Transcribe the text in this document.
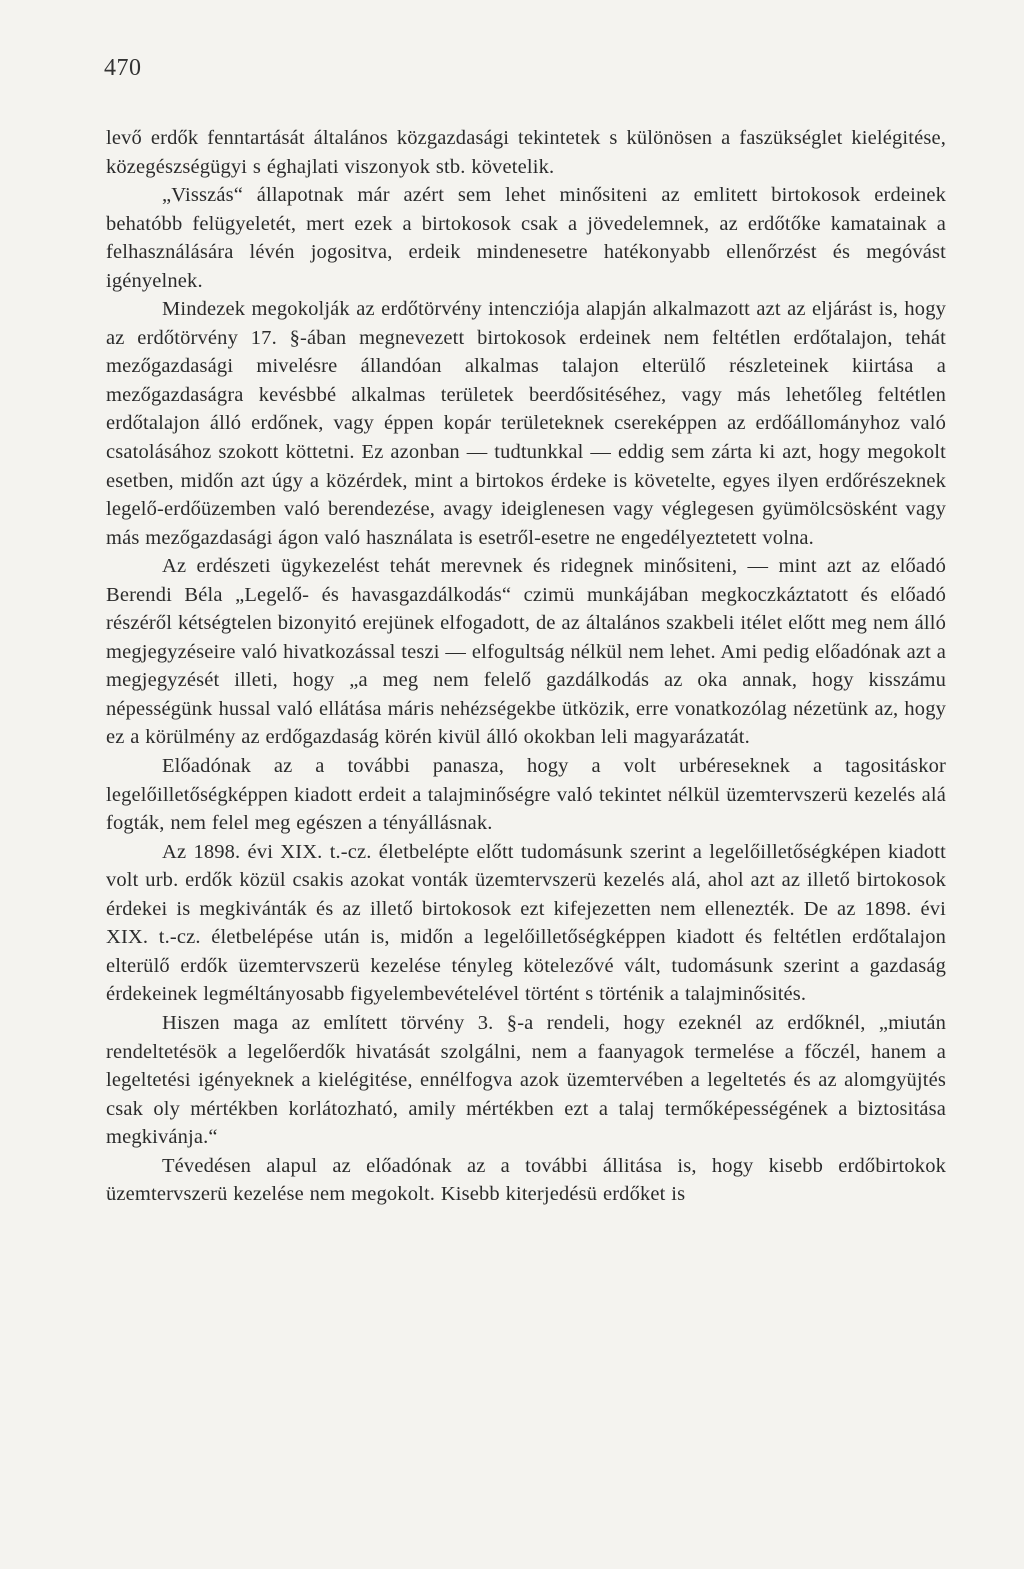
470

levő erdők fenntartását általános közgazdasági tekintetek s különösen a faszükséglet kielégitése, közegészségügyi s éghajlati viszonyok stb. követelik.

„Visszás“ állapotnak már azért sem lehet minősiteni az emlitett birtokosok erdeinek behatóbb felügyeletét, mert ezek a birtokosok csak a jövedelemnek, az erdőtőke kamatainak a felhasználására lévén jogositva, erdeik mindenesetre hatékonyabb ellenőrzést és megóvást igényelnek.

Mindezek megokolják az erdőtörvény intencziója alapján alkalmazott azt az eljárást is, hogy az erdőtörvény 17. §-ában megnevezett birtokosok erdeinek nem feltétlen erdőtalajon, tehát mezőgazdasági mivelésre állandóan alkalmas talajon elterülő részleteinek kiirtása a mezőgazdaságra kevésbbé alkalmas területek beerdősitéséhez, vagy más lehetőleg feltétlen erdőtalajon álló erdőnek, vagy éppen kopár területeknek csereképpen az erdőállományhoz való csatolásához szokott köttetni. Ez azonban — tudtunkkal — eddig sem zárta ki azt, hogy megokolt esetben, midőn azt úgy a közérdek, mint a birtokos érdeke is követelte, egyes ilyen erdőrészeknek legelő-erdőüzemben való berendezése, avagy ideiglenesen vagy véglegesen gyümölcsösként vagy más mezőgazdasági ágon való használata is esetről-esetre ne engedélyeztetett volna.

Az erdészeti ügykezelést tehát merevnek és ridegnek minősiteni, — mint azt az előadó Berendi Béla „Legelő- és havasgazdálkodás“ czimü munkájában megkoczkáztatott és előadó részéről kétségtelen bizonyitó erejünek elfogadott, de az általános szakbeli itélet előtt meg nem álló megjegyzéseire való hivatkozással teszi — elfogultság nélkül nem lehet. Ami pedig előadónak azt a megjegyzését illeti, hogy „a meg nem felelő gazdálkodás az oka annak, hogy kisszámu népességünk hussal való ellátása máris nehézségekbe ütközik, erre vonatkozólag nézetünk az, hogy ez a körülmény az erdőgazdaság körén kivül álló okokban leli magyarázatát.

Előadónak az a további panasza, hogy a volt urbéreseknek a tagositáskor legelőilletőségképpen kiadott erdeit a talajminőségre való tekintet nélkül üzemtervszerü kezelés alá fogták, nem felel meg egészen a tényállásnak.

Az 1898. évi XIX. t.-cz. életbelépte előtt tudomásunk szerint a legelőilletőségképen kiadott volt urb. erdők közül csakis azokat vonták üzemtervszerü kezelés alá, ahol azt az illető birtokosok érdekei is megkivánták és az illető birtokosok ezt kifejezetten nem ellenezték. De az 1898. évi XIX. t.-cz. életbelépése után is, midőn a legelőilletőségképpen kiadott és feltétlen erdőtalajon elterülő erdők üzemtervszerü kezelése tényleg kötelezővé vált, tudomásunk szerint a gazdaság érdekeinek legméltányosabb figyelembevételével történt s történik a talajminősités.

Hiszen maga az említett törvény 3. §-a rendeli, hogy ezeknél az erdőknél, „miután rendeltetésök a legelőerdők hivatását szolgálni, nem a faanyagok termelése a főczél, hanem a legeltetési igényeknek a kielégitése, ennélfogva azok üzemtervében a legeltetés és az alomgyüjtés csak oly mértékben korlátozható, amily mértékben ezt a talaj termőképességének a biztositása megkivánja.“

Tévedésen alapul az előadónak az a további állitása is, hogy kisebb erdőbirtokok üzemtervszerü kezelése nem megokolt. Kisebb kiterjedésü erdőket is
